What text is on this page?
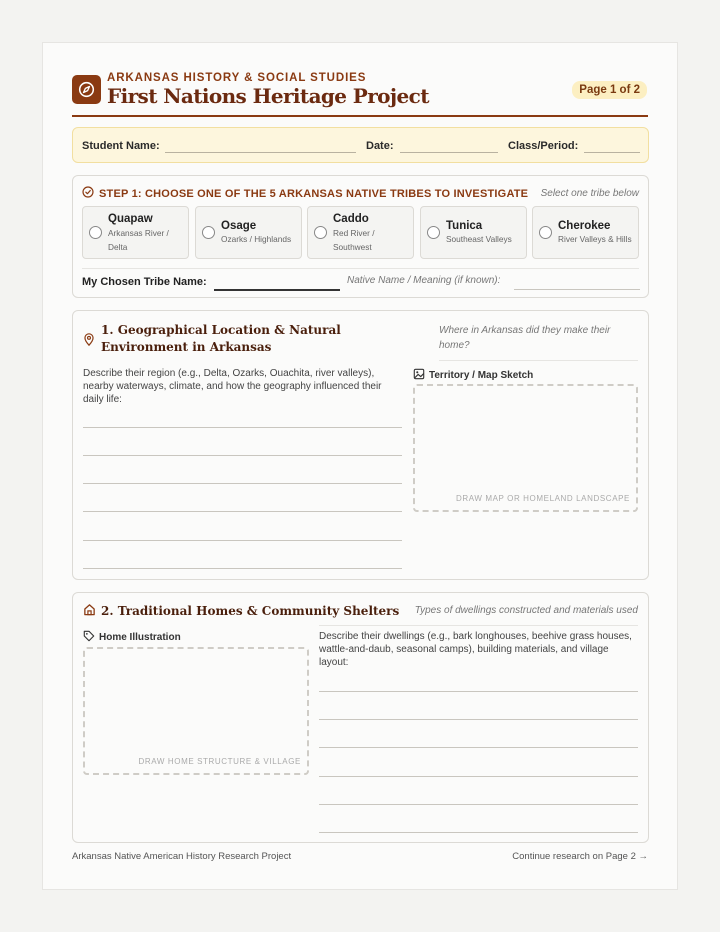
ARKANSAS HISTORY & SOCIAL STUDIES
First Nations Heritage Project	Page 1 of 2
Student Name:	Date:	Class/Period:
STEP 1: CHOOSE ONE OF THE 5 ARKANSAS NATIVE TRIBES TO INVESTIGATE Select one tribe below
Quapaw
Arkansas River / Delta
Osage
Ozarks / Highlands
Caddo
Red River / Southwest
Tunica
Southeast Valleys
Cherokee
River Valleys & Hills
My Chosen Tribe Name:	Native Name / Meaning (if known):
1. Geographical Location & Natural Environment in Arkansas
Where in Arkansas did they make their home?
Describe their region (e.g., Delta, Ozarks, Ouachita, river valleys), nearby waterways, climate, and how the geography influenced their daily life:
Territory / Map Sketch
DRAW MAP OR HOMELAND LANDSCAPE
2. Traditional Homes & Community Shelters Types of dwellings constructed and materials used
Home Illustration
DRAW HOME STRUCTURE & VILLAGE
Describe their dwellings (e.g., bark longhouses, beehive grass houses, wattle-and-daub, seasonal camps), building materials, and village layout:
Arkansas Native American History Research Project	Continue research on Page 2 →
